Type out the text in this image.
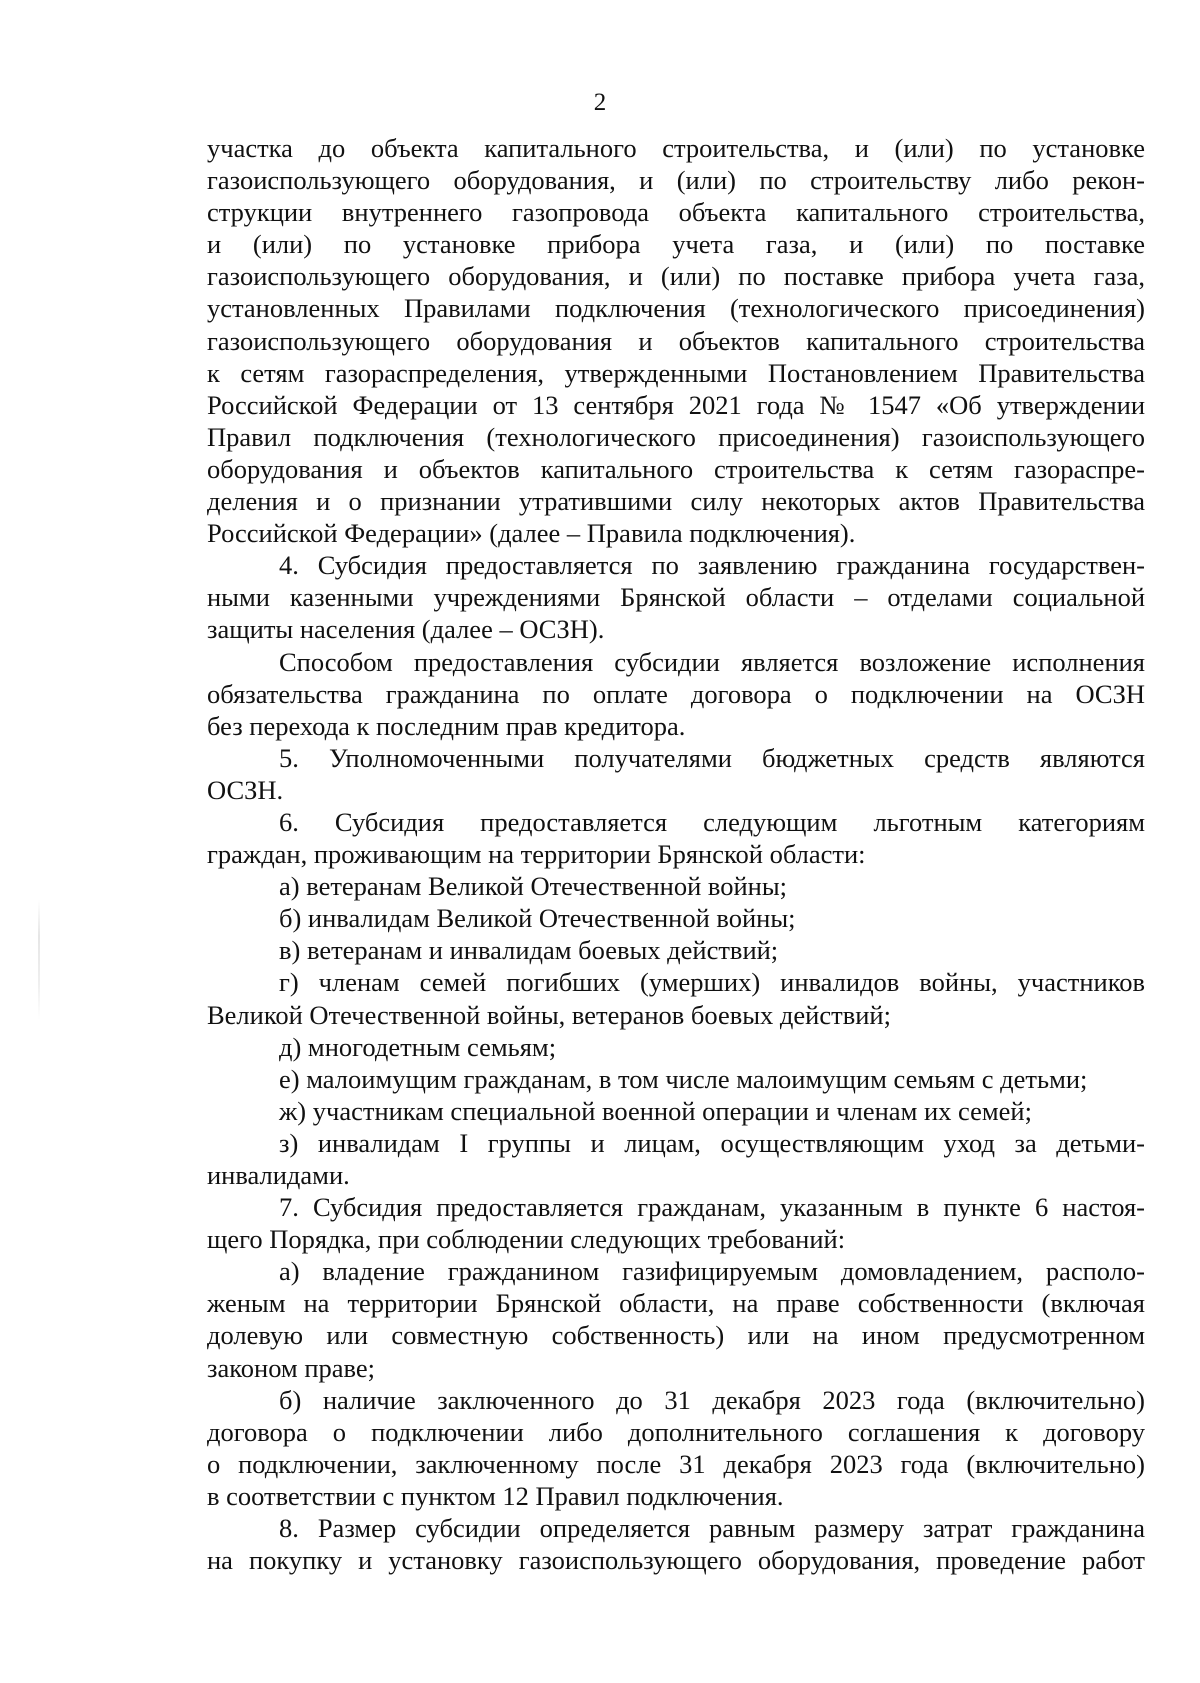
2

участка до объекта капитального строительства, и (или) по установке
газоиспользующего оборудования, и (или) по строительству либо рекон-
струкции внутреннего газопровода объекта капитального строительства,
и (или) по установке прибора учета газа, и (или) по поставке
газоиспользующего оборудования, и (или) по поставке прибора учета газа,
установленных Правилами подключения (технологического присоединения)
газоиспользующего оборудования и объектов капитального строительства
к сетям газораспределения, утвержденными Постановлением Правительства
Российской Федерации от 13 сентября 2021 года № 1547 «Об утверждении
Правил подключения (технологического присоединения) газоиспользующего
оборудования и объектов капитального строительства к сетям газораспре-
деления и о признании утратившими силу некоторых актов Правительства
Российской Федерации» (далее – Правила подключения).

4. Субсидия предоставляется по заявлению гражданина государствен-
ными казенными учреждениями Брянской области – отделами социальной
защиты населения (далее – ОСЗН).

Способом предоставления субсидии является возложение исполнения
обязательства гражданина по оплате договора о подключении на ОСЗН
без перехода к последним прав кредитора.

5. Уполномоченными получателями бюджетных средств являются
ОСЗН.

6. Субсидия предоставляется следующим льготным категориям
граждан, проживающим на территории Брянской области:

а) ветеранам Великой Отечественной войны;

б) инвалидам Великой Отечественной войны;

в) ветеранам и инвалидам боевых действий;

г) членам семей погибших (умерших) инвалидов войны, участников
Великой Отечественной войны, ветеранов боевых действий;

д) многодетным семьям;

е) малоимущим гражданам, в том числе малоимущим семьям с детьми;

ж) участникам специальной военной операции и членам их семей;

з) инвалидам I группы и лицам, осуществляющим уход за детьми-
инвалидами.

7. Субсидия предоставляется гражданам, указанным в пункте 6 настоя-
щего Порядка, при соблюдении следующих требований:

а) владение гражданином газифицируемым домовладением, располо-
женым на территории Брянской области, на праве собственности (включая
долевую или совместную собственность) или на ином предусмотренном
законом праве;

б) наличие заключенного до 31 декабря 2023 года (включительно)
договора о подключении либо дополнительного соглашения к договору
о подключении, заключенному после 31 декабря 2023 года (включительно)
в соответствии с пунктом 12 Правил подключения.

8. Размер субсидии определяется равным размеру затрат гражданина
на покупку и установку газоиспользующего оборудования, проведение работ
